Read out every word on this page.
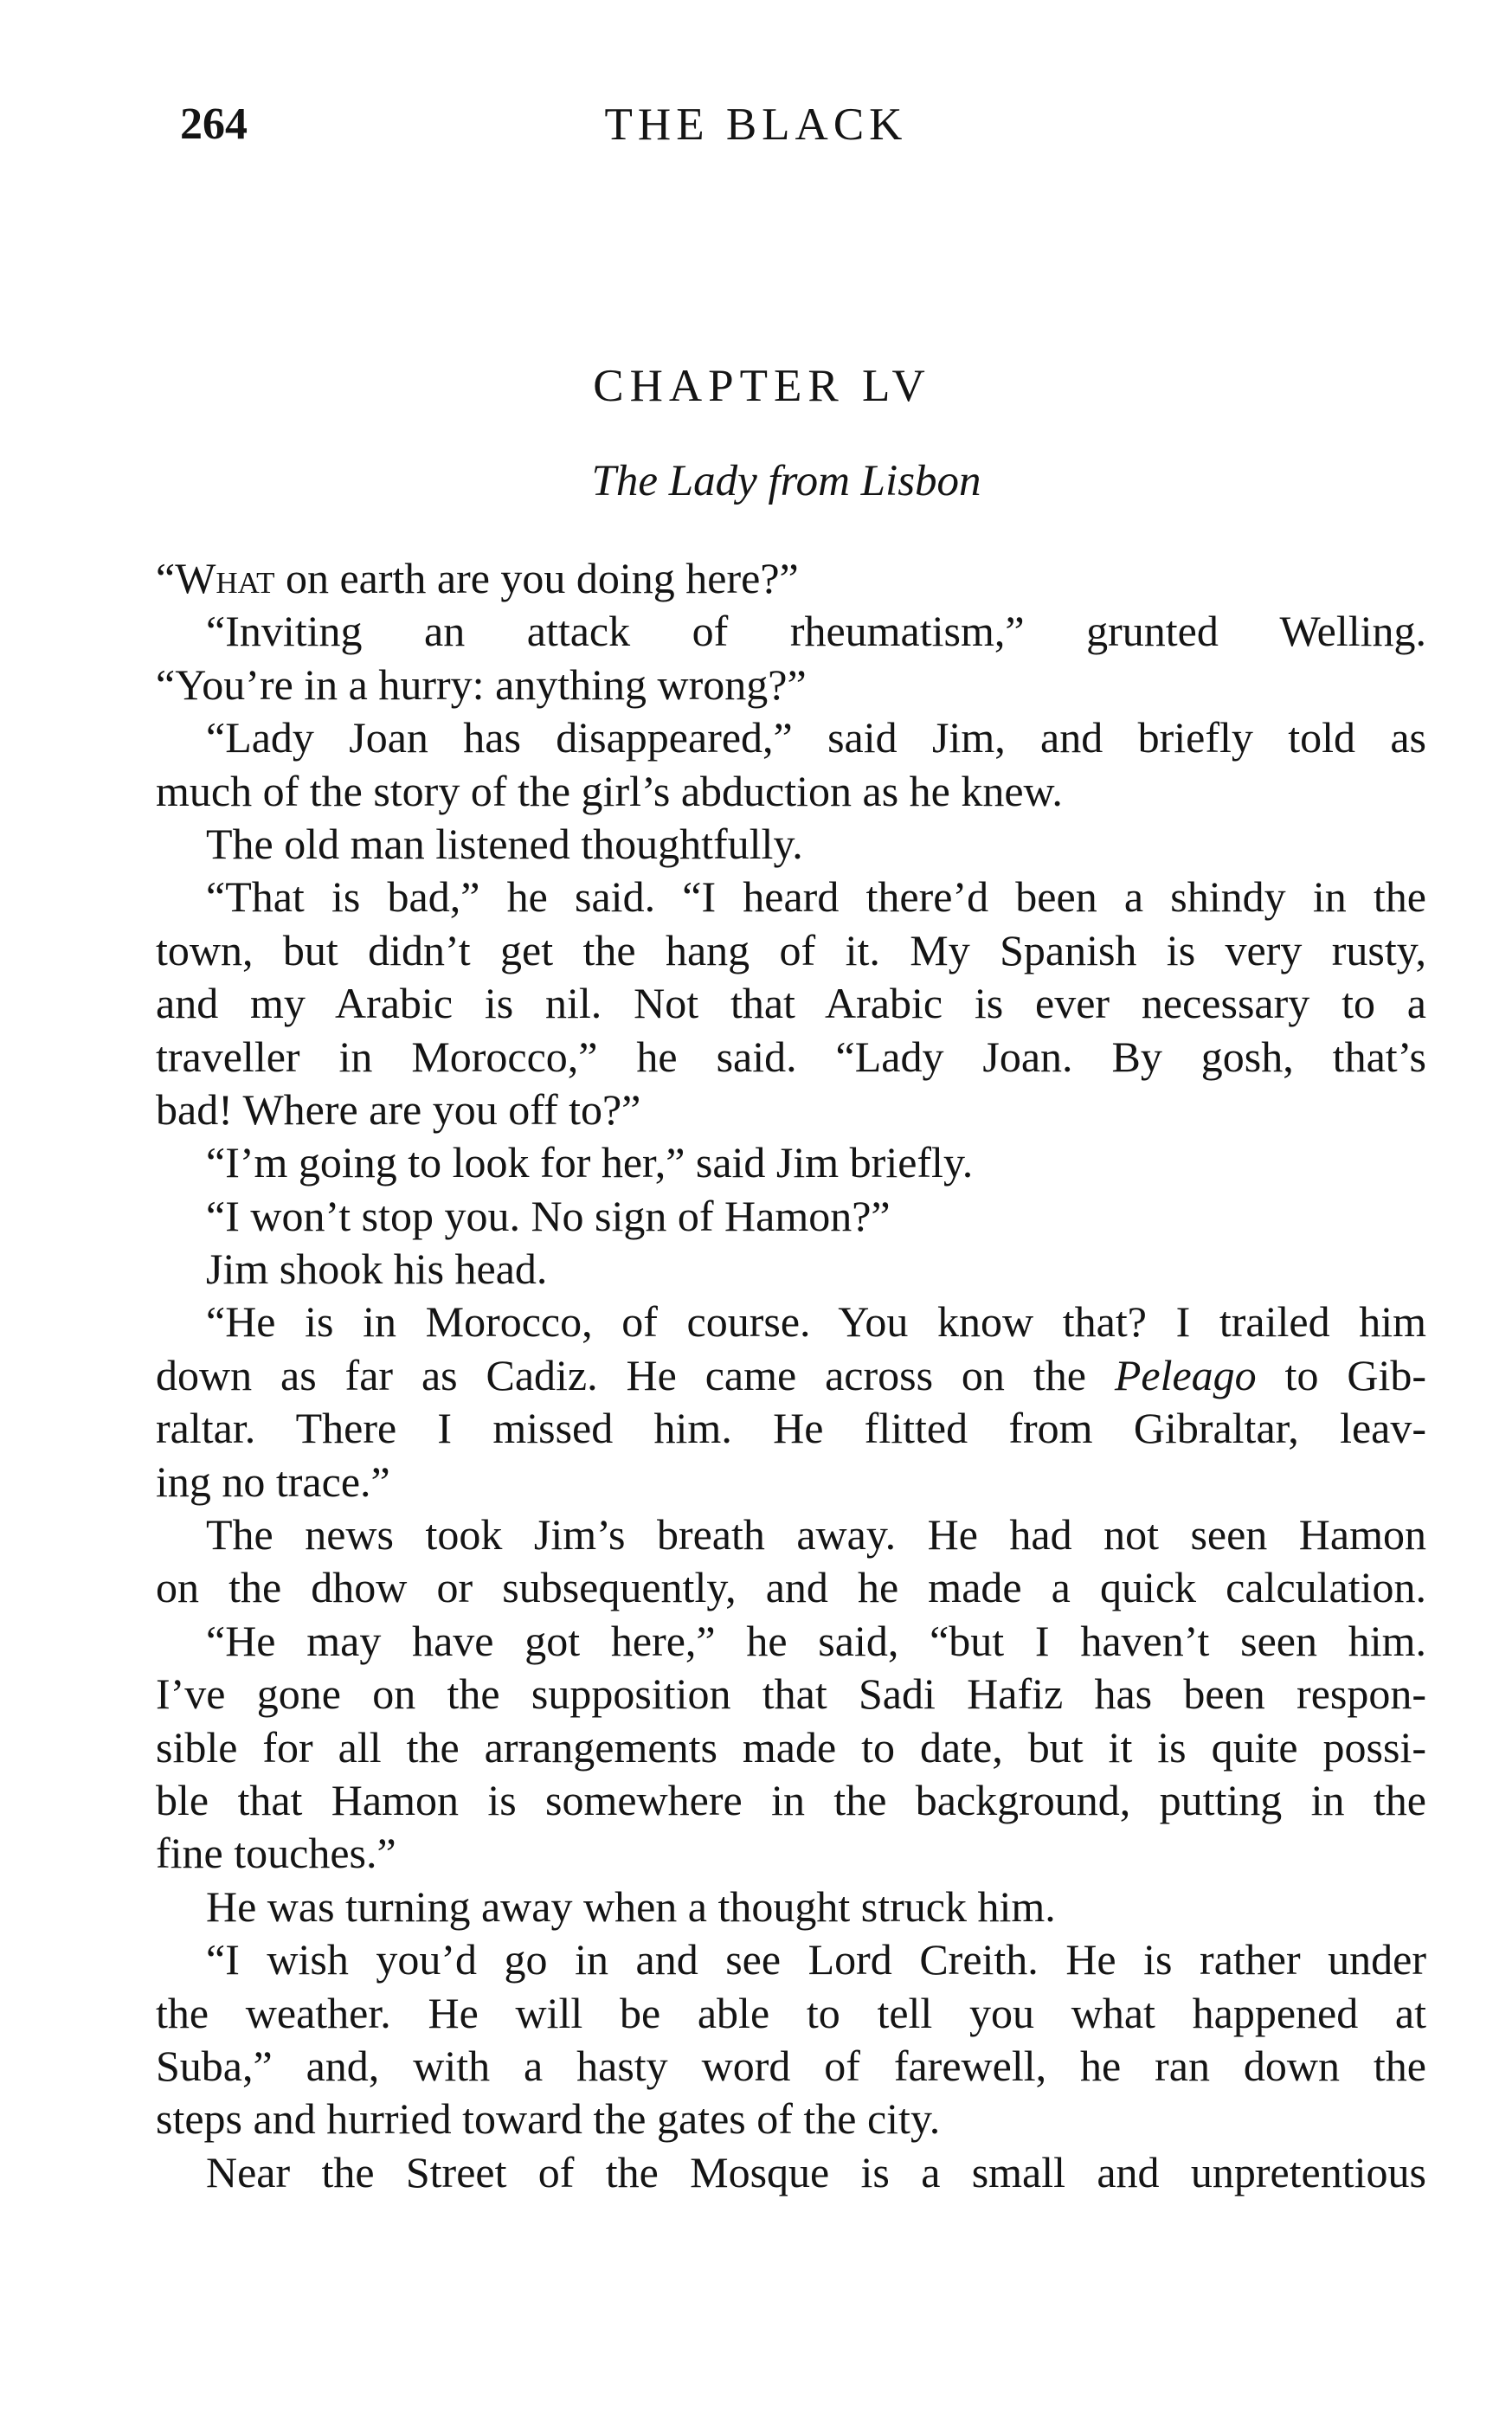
264	THE BLACK
CHAPTER LV
The Lady from Lisbon
“What on earth are you doing here?”
“Inviting an attack of rheumatism,” grunted Welling.
“You’re in a hurry: anything wrong?”
“Lady Joan has disappeared,” said Jim, and briefly told as
much of the story of the girl’s abduction as he knew.
The old man listened thoughtfully.
“That is bad,” he said. “I heard there’d been a shindy in the
town, but didn’t get the hang of it. My Spanish is very rusty,
and my Arabic is nil. Not that Arabic is ever necessary to a
traveller in Morocco,” he said. “Lady Joan. By gosh, that’s
bad! Where are you off to?”
“I’m going to look for her,” said Jim briefly.
“I won’t stop you. No sign of Hamon?”
Jim shook his head.
“He is in Morocco, of course. You know that? I trailed him
down as far as Cadiz. He came across on the Peleago to Gib-
raltar. There I missed him. He flitted from Gibraltar, leav-
ing no trace.”
The news took Jim’s breath away. He had not seen Hamon
on the dhow or subsequently, and he made a quick calculation.
“He may have got here,” he said, “but I haven’t seen him.
I’ve gone on the supposition that Sadi Hafiz has been respon-
sible for all the arrangements made to date, but it is quite possi-
ble that Hamon is somewhere in the background, putting in the
fine touches.”
He was turning away when a thought struck him.
“I wish you’d go in and see Lord Creith. He is rather under
the weather. He will be able to tell you what happened at
Suba,” and, with a hasty word of farewell, he ran down the
steps and hurried toward the gates of the city.
Near the Street of the Mosque is a small and unpretentious
